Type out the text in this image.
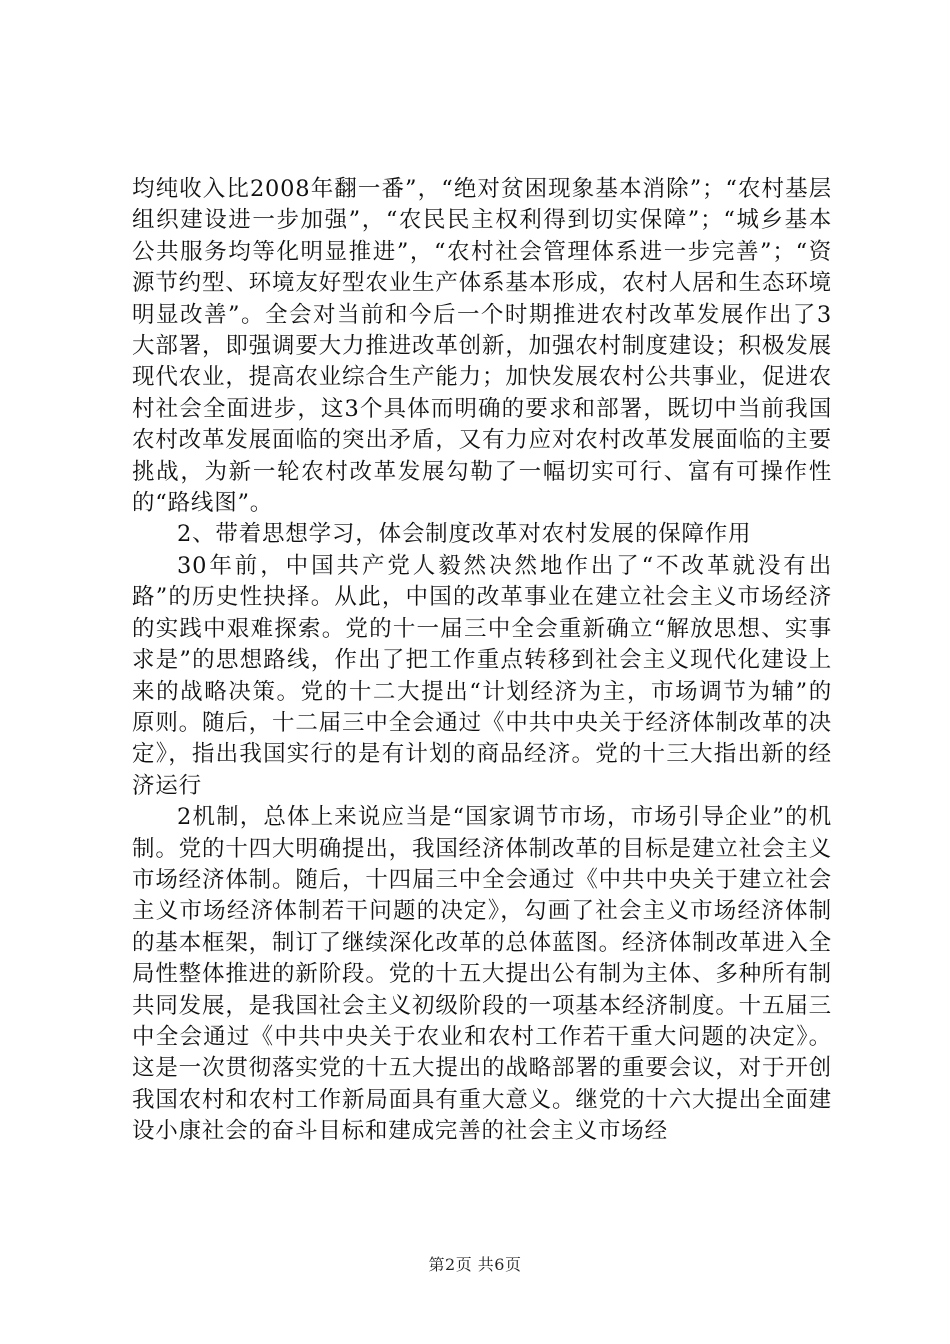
均纯收入比2008年翻一番”，“绝对贫困现象基本消除”；“农村基层组织建设进一步加强”，“农民民主权利得到切实保障”；“城乡基本公共服务均等化明显推进”，“农村社会管理体系进一步完善”；“资源节约型、环境友好型农业生产体系基本形成，农村人居和生态环境明显改善”。全会对当前和今后一个时期推进农村改革发展作出了3大部署，即强调要大力推进改革创新，加强农村制度建设；积极发展现代农业，提高农业综合生产能力；加快发展农村公共事业，促进农村社会全面进步，这3个具体而明确的要求和部署，既切中当前我国农村改革发展面临的突出矛盾，又有力应对农村改革发展面临的主要挑战，为新一轮农村改革发展勾勒了一幅切实可行、富有可操作性的“路线图”。

2、带着思想学习，体会制度改革对农村发展的保障作用

30年前，中国共产党人毅然决然地作出了“不改革就没有出路”的历史性抉择。从此，中国的改革事业在建立社会主义市场经济的实践中艰难探索。党的十一届三中全会重新确立“解放思想、实事求是”的思想路线，作出了把工作重点转移到社会主义现代化建设上来的战略决策。党的十二大提出“计划经济为主，市场调节为辅”的原则。随后，十二届三中全会通过《中共中央关于经济体制改革的决定》，指出我国实行的是有计划的商品经济。党的十三大指出新的经济运行

2机制，总体上来说应当是“国家调节市场，市场引导企业”的机制。党的十四大明确提出，我国经济体制改革的目标是建立社会主义市场经济体制。随后，十四届三中全会通过《中共中央关于建立社会主义市场经济体制若干问题的决定》，勾画了社会主义市场经济体制的基本框架，制订了继续深化改革的总体蓝图。经济体制改革进入全局性整体推进的新阶段。党的十五大提出公有制为主体、多种所有制共同发展，是我国社会主义初级阶段的一项基本经济制度。十五届三中全会通过《中共中央关于农业和农村工作若干重大问题的决定》。这是一次贯彻落实党的十五大提出的战略部署的重要会议，对于开创我国农村和农村工作新局面具有重大意义。继党的十六大提出全面建设小康社会的奋斗目标和建成完善的社会主义市场经

第2页 共6页
